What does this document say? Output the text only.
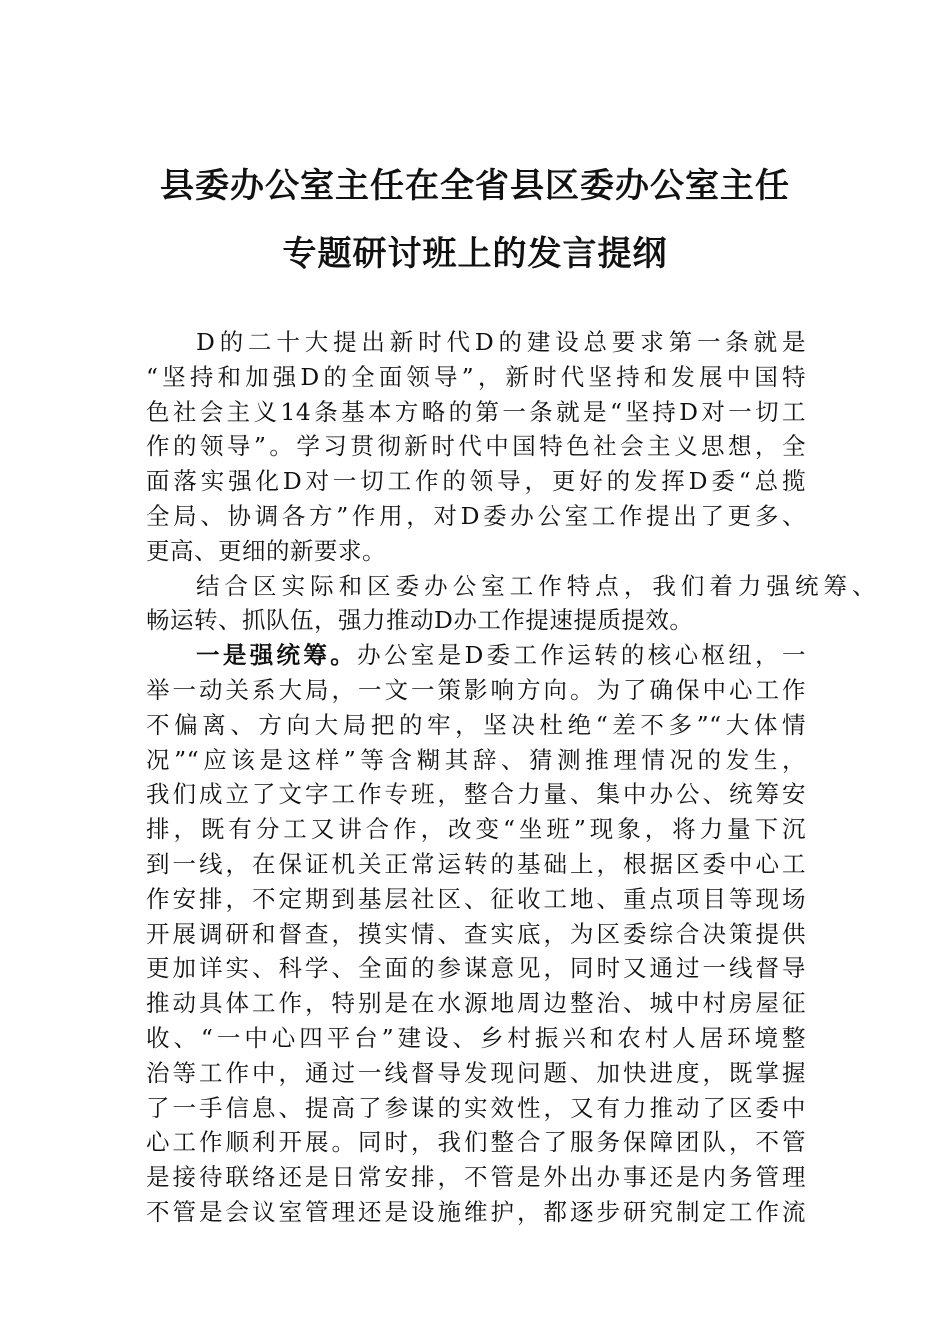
县委办公室主任在全省县区委办公室主任
专题研讨班上的发言提纲
D的二十大提出新时代D的建设总要求第一条就是
“坚持和加强D的全面领导”，新时代坚持和发展中国特
色社会主义14条基本方略的第一条就是“坚持D对一切工
作的领导”。学习贯彻新时代中国特色社会主义思想，全
面落实强化D对一切工作的领导，更好的发挥D委“总揽
全局、协调各方”作用，对D委办公室工作提出了更多、
更高、更细的新要求。
结合区实际和区委办公室工作特点，我们着力强统筹、
畅运转、抓队伍，强力推动D办工作提速提质提效。
一是强统筹。办公室是D委工作运转的核心枢纽，一
举一动关系大局，一文一策影响方向。为了确保中心工作
不偏离、方向大局把的牢，坚决杜绝“差不多”“大体情
况”“应该是这样”等含糊其辞、猜测推理情况的发生，
我们成立了文字工作专班，整合力量、集中办公、统筹安
排，既有分工又讲合作，改变“坐班”现象，将力量下沉
到一线，在保证机关正常运转的基础上，根据区委中心工
作安排，不定期到基层社区、征收工地、重点项目等现场
开展调研和督查，摸实情、查实底，为区委综合决策提供
更加详实、科学、全面的参谋意见，同时又通过一线督导
推动具体工作，特别是在水源地周边整治、城中村房屋征
收、“一中心四平台”建设、乡村振兴和农村人居环境整
治等工作中，通过一线督导发现问题、加快进度，既掌握
了一手信息、提高了参谋的实效性，又有力推动了区委中
心工作顺利开展。同时，我们整合了服务保障团队，不管
是接待联络还是日常安排，不管是外出办事还是内务管理
不管是会议室管理还是设施维护，都逐步研究制定工作流
